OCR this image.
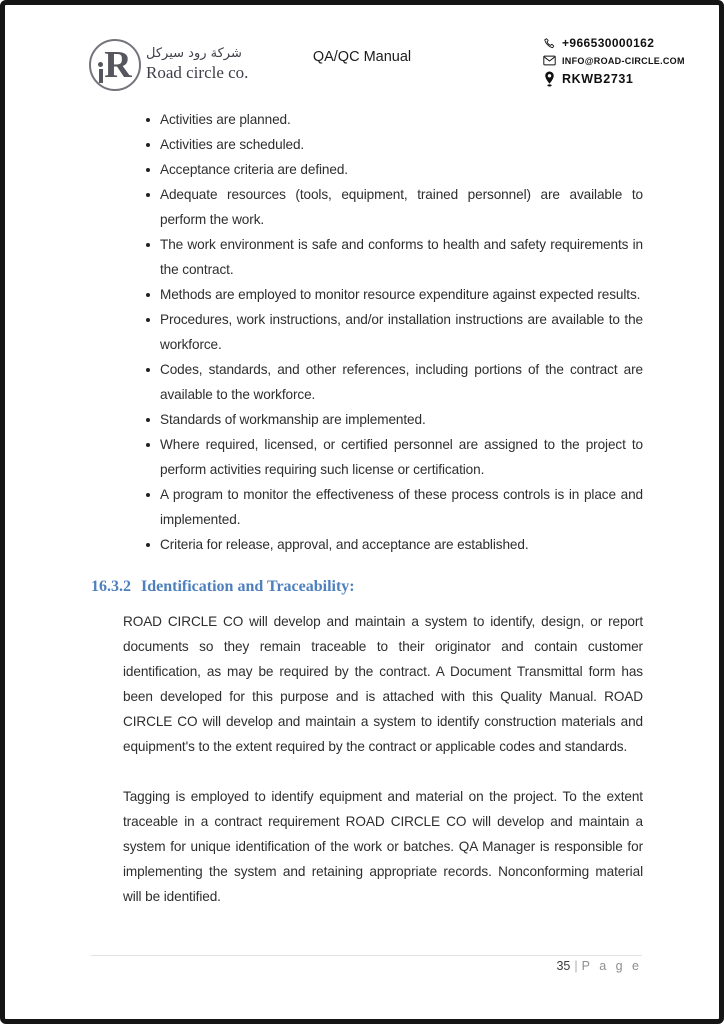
R شركة رود سيركل
Road circle co.
QA/QC Manual
+966530000162
INFO@ROAD-CIRCLE.COM
RKWB2731
Activities are planned.
Activities are scheduled.
Acceptance criteria are defined.
Adequate resources (tools, equipment, trained personnel) are available to perform the work.
The work environment is safe and conforms to health and safety requirements in the contract.
Methods are employed to monitor resource expenditure against expected results.
Procedures, work instructions, and/or installation instructions are available to the workforce.
Codes, standards, and other references, including portions of the contract are available to the workforce.
Standards of workmanship are implemented.
Where required, licensed, or certified personnel are assigned to the project to perform activities requiring such license or certification.
A program to monitor the effectiveness of these process controls is in place and implemented.
Criteria for release, approval, and acceptance are established.
16.3.2 Identification and Traceability:

ROAD CIRCLE CO will develop and maintain a system to identify, design, or report documents so they remain traceable to their originator and contain customer identification, as may be required by the contract. A Document Transmittal form has been developed for this purpose and is attached with this Quality Manual. ROAD CIRCLE CO will develop and maintain a system to identify construction materials and equipment's to the extent required by the contract or applicable codes and standards.

Tagging is employed to identify equipment and material on the project. To the extent traceable in a contract requirement ROAD CIRCLE CO will develop and maintain a system for unique identification of the work or batches. QA Manager is responsible for implementing the system and retaining appropriate records. Nonconforming material will be identified.

35 | P a g e
